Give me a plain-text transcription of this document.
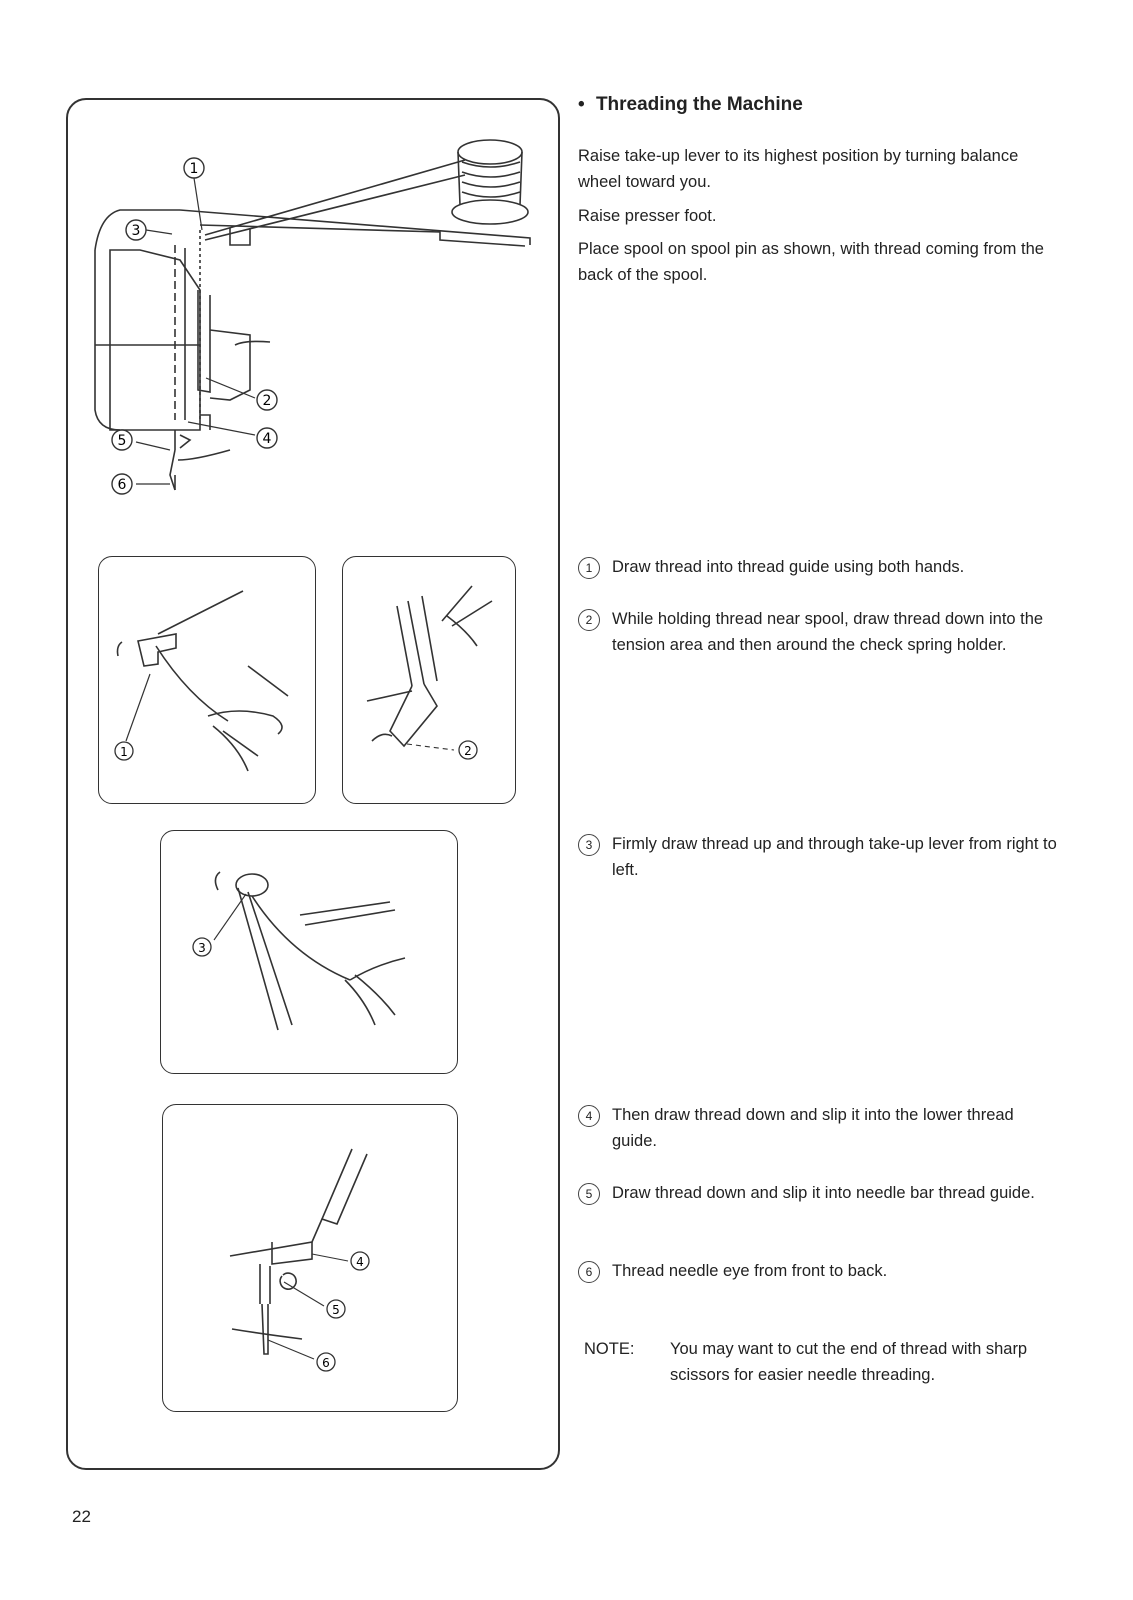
1
2
3
4
5
6
1	2
3
4
5
6
• Threading the Machine

Raise take-up lever to its highest position by turning balance wheel toward you.

Raise presser foot.

Place spool on spool pin as shown, with thread coming from the back of the spool.

1	Draw thread into thread guide using both hands.
2	While holding thread near spool, draw thread down into the tension area and then around the check spring holder.
3	Firmly draw thread up and through take-up lever from right to left.
4	Then draw thread down and slip it into the lower thread guide.
5	Draw thread down and slip it into needle bar thread guide.
6	Thread needle eye from front to back.
NOTE: You may want to cut the end of thread with sharp scissors for easier needle threading.
22
